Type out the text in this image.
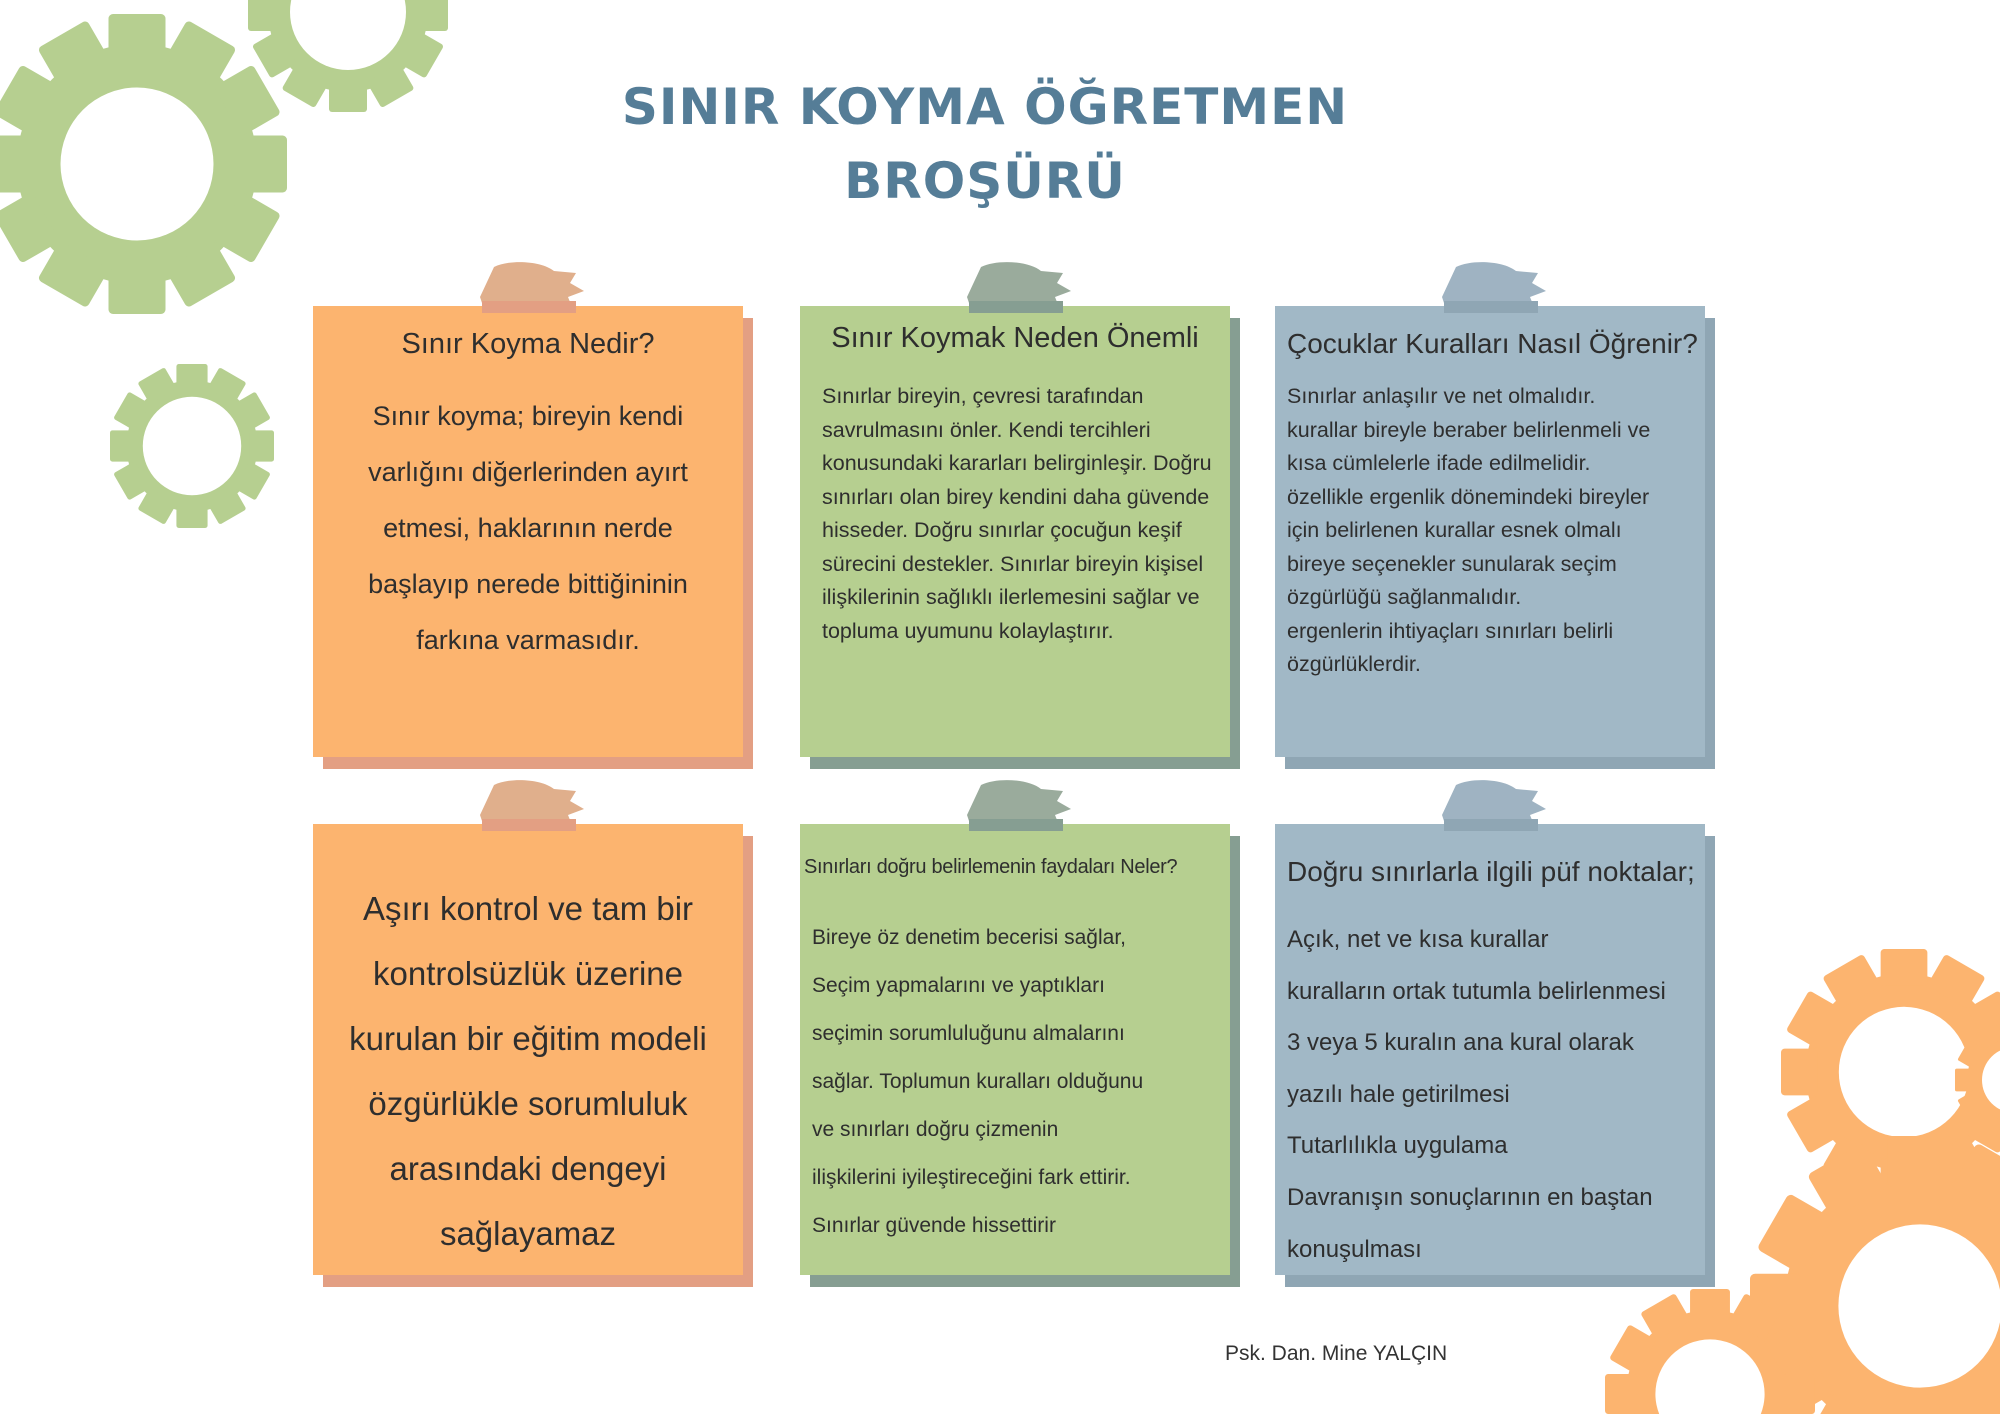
SINIR KOYMA ÖĞRETMEN
BROŞÜRÜ
Sınır Koyma Nedir?
Sınır koyma; bireyin kendi varlığını diğerlerinden ayırt etmesi, haklarının nerde başlayıp nerede bittiğininin farkına varmasıdır.
Sınır Koymak Neden Önemli
Sınırlar bireyin, çevresi tarafından savrulmasını önler. Kendi tercihleri konusundaki kararları belirginleşir. Doğru sınırları olan birey kendini daha güvende hisseder. Doğru sınırlar çocuğun keşif sürecini destekler. Sınırlar bireyin kişisel ilişkilerinin sağlıklı ilerlemesini sağlar ve topluma uyumunu kolaylaştırır.
Çocuklar Kuralları Nasıl Öğrenir?
Sınırlar anlaşılır ve net olmalıdır.
kurallar bireyle beraber belirlenmeli ve
kısa cümlelerle ifade edilmelidir.
özellikle ergenlik dönemindeki bireyler
için belirlenen kurallar esnek olmalı
bireye seçenekler sunularak seçim
özgürlüğü sağlanmalıdır.
ergenlerin ihtiyaçları sınırları belirli
özgürlüklerdir.
Aşırı kontrol ve tam bir kontrolsüzlük üzerine kurulan bir eğitim modeli özgürlükle sorumluluk arasındaki dengeyi sağlayamaz
Sınırları doğru belirlemenin faydaları Neler?
Bireye öz denetim becerisi sağlar,
Seçim yapmalarını ve yaptıkları
seçimin sorumluluğunu almalarını
sağlar. Toplumun kuralları olduğunu
ve sınırları doğru çizmenin
ilişkilerini iyileştireceğini fark ettirir.
Sınırlar güvende hissettirir
Doğru sınırlarla ilgili püf noktalar;
Açık, net ve kısa kurallar
kuralların ortak tutumla belirlenmesi
3 veya 5 kuralın ana kural olarak
yazılı hale getirilmesi
Tutarlılıkla uygulama
Davranışın sonuçlarının en baştan
konuşulması
Psk. Dan. Mine YALÇIN
